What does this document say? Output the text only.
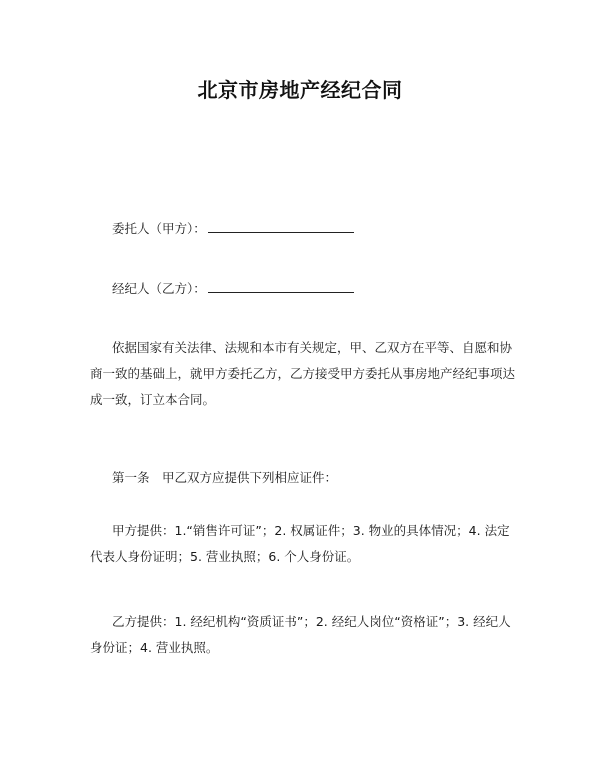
北京市房地产经纪合同
委托人（甲方）：
经纪人（乙方）：
依据国家有关法律、法规和本市有关规定，甲、乙双方在平等、自愿和协商一致的基础上，就甲方委托乙方，乙方接受甲方委托从事房地产经纪事项达成一致，订立本合同。
第一条　甲乙双方应提供下列相应证件：
甲方提供：1.“销售许可证”；2. 权属证件；3. 物业的具体情况；4. 法定代表人身份证明；5. 营业执照；6. 个人身份证。
乙方提供：1. 经纪机构“资质证书”；2. 经纪人岗位“资格证”；3. 经纪人身份证；4. 营业执照。
